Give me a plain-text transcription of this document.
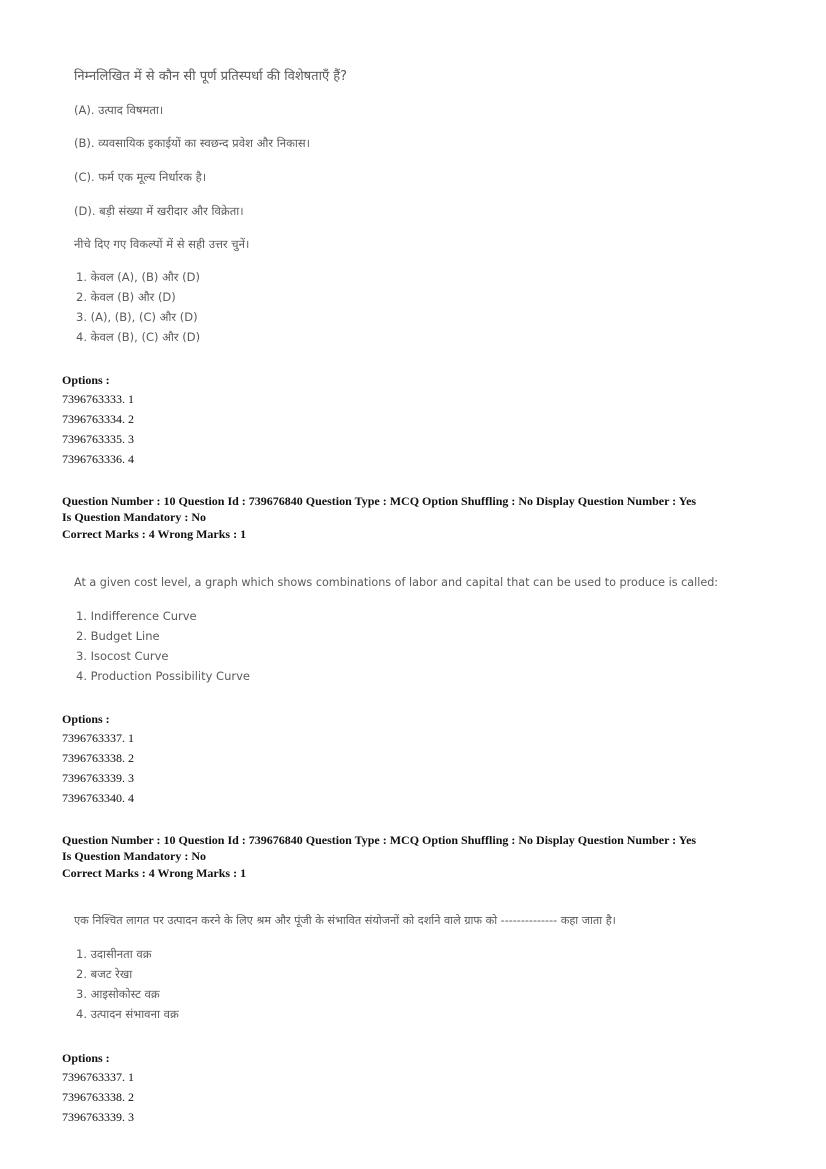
निम्नलिखित में से कौन सी पूर्ण प्रतिस्पर्धा की विशेषताएँ हैं?
(A). उत्पाद विषमता।
(B). व्यवसायिक इकाईयों का स्वछन्द प्रवेश और निकास।
(C). फर्म एक मूल्य निर्धारक है।
(D). बड़ी संख्या में खरीदार और विक्रेता।
नीचे दिए गए विकल्पों में से सही उत्तर चुनें।
1. केवल (A), (B) और (D)
2. केवल (B) और (D)
3. (A), (B), (C) और (D)
4. केवल (B), (C) और (D)
Options :
7396763333. 1
7396763334. 2
7396763335. 3
7396763336. 4
Question Number : 10 Question Id : 739676840 Question Type : MCQ Option Shuffling : No Display Question Number : Yes
Is Question Mandatory : No
Correct Marks : 4 Wrong Marks : 1
At a given cost level, a graph which shows combinations of labor and capital that can be used to produce is called:
1. Indifference Curve
2. Budget Line
3. Isocost Curve
4. Production Possibility Curve
Options :
7396763337. 1
7396763338. 2
7396763339. 3
7396763340. 4
Question Number : 10 Question Id : 739676840 Question Type : MCQ Option Shuffling : No Display Question Number : Yes
Is Question Mandatory : No
Correct Marks : 4 Wrong Marks : 1
एक निश्चित लागत पर उत्पादन करने के लिए श्रम और पूंजी के संभावित संयोजनों को दर्शाने वाले ग्राफ को -------------- कहा जाता है।
1. उदासीनता वक्र
2. बजट रेखा
3. आइसोकोस्ट वक्र
4. उत्पादन संभावना वक्र
Options :
7396763337. 1
7396763338. 2
7396763339. 3
